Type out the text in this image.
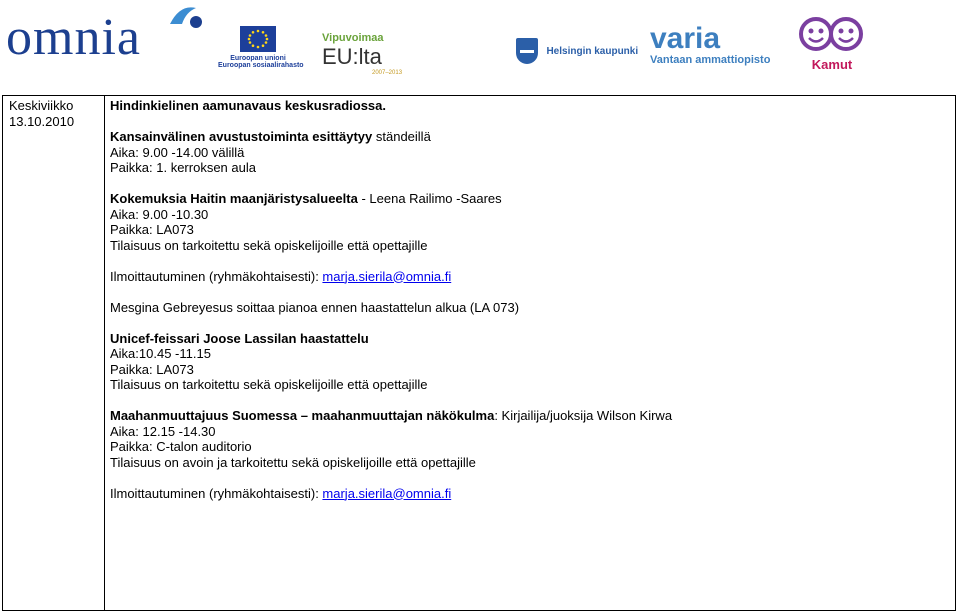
omnia	Euroopan unioni
Euroopan sosiaalirahasto
Vipuvoimaa
EU:lta
2007–2013
Helsingin kaupunki varia
Vantaan ammattiopisto	Kamut
Keskiviikko
13.10.2010
Hindinkielinen aamunavaus keskusradiossa.
Kansainvälinen avustustoiminta esittäytyy ständeillä
Aika: 9.00 -14.00 välillä
Paikka: 1. kerroksen aula
Kokemuksia Haitin maanjäristysalueelta - Leena Railimo -Saares
Aika: 9.00 -10.30
Paikka: LA073
Tilaisuus on tarkoitettu sekä opiskelijoille että opettajille
Ilmoittautuminen (ryhmäkohtaisesti): marja.sierila@omnia.fi
Mesgina Gebreyesus soittaa pianoa ennen haastattelun alkua (LA 073)
Unicef-feissari Joose Lassilan haastattelu
Aika:10.45 -11.15
Paikka: LA073
Tilaisuus on tarkoitettu sekä opiskelijoille että opettajille
Maahanmuuttajuus Suomessa – maahanmuuttajan näkökulma: Kirjailija/juoksija Wilson Kirwa
Aika: 12.15 -14.30
Paikka: C-talon auditorio
Tilaisuus on avoin ja tarkoitettu sekä opiskelijoille että opettajille
Ilmoittautuminen (ryhmäkohtaisesti): marja.sierila@omnia.fi
